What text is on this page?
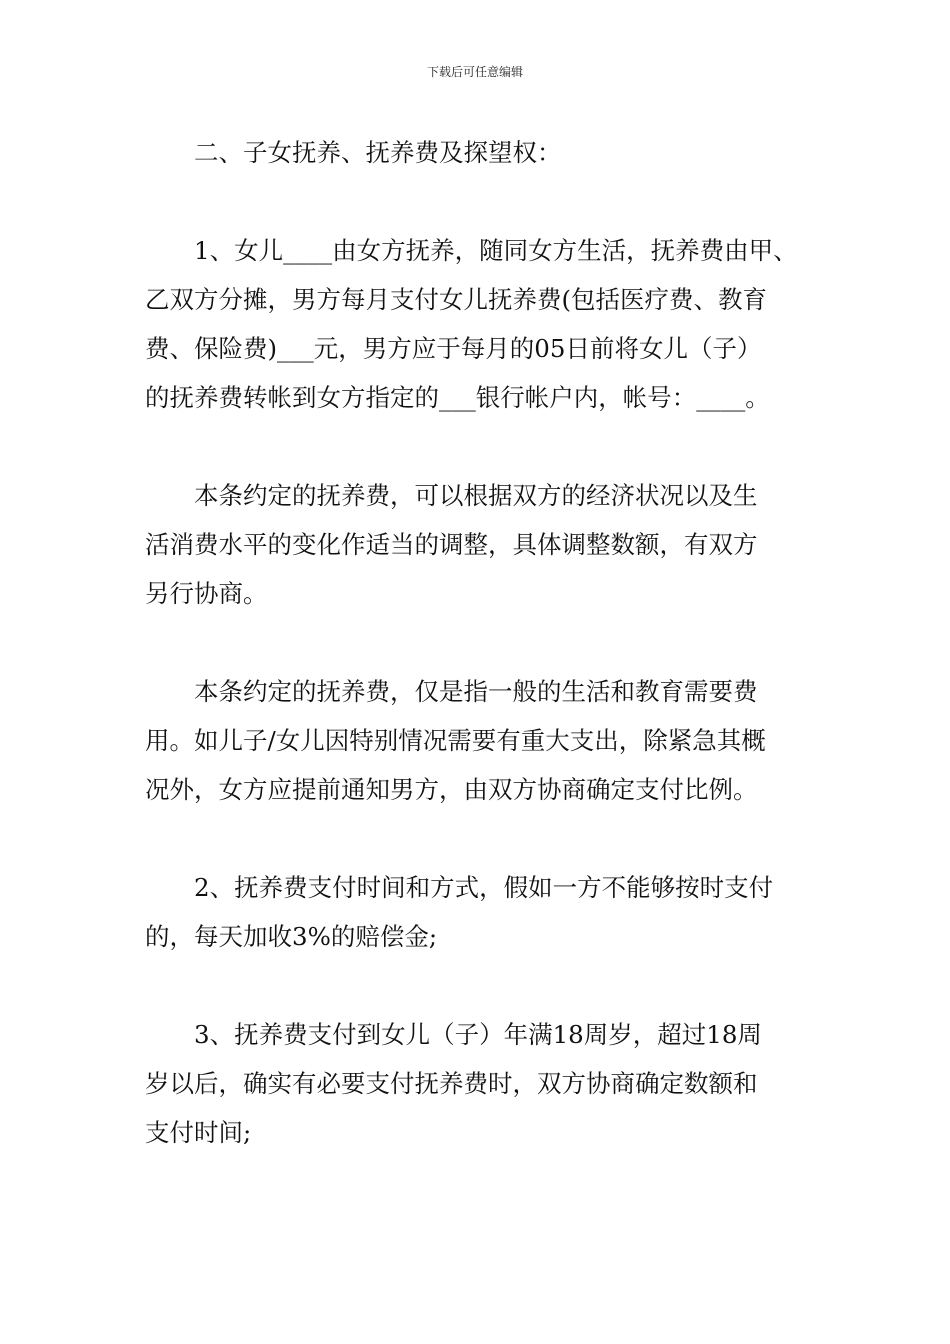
下载后可任意编辑

二、子女抚养、抚养费及探望权：

1、女儿____由女方抚养，随同女方生活，抚养费由甲、
乙双方分摊，男方每月支付女儿抚养费(包括医疗费、教育
费、保险费)___元，男方应于每月的05日前将女儿（子）
的抚养费转帐到女方指定的___银行帐户内，帐号：____。

本条约定的抚养费，可以根据双方的经济状况以及生
活消费水平的变化作适当的调整，具体调整数额，有双方
另行协商。

本条约定的抚养费，仅是指一般的生活和教育需要费
用。如儿子/女儿因特别情况需要有重大支出，除紧急其概
况外，女方应提前通知男方，由双方协商确定支付比例。

2、抚养费支付时间和方式，假如一方不能够按时支付
的，每天加收3%的赔偿金;

3、抚养费支付到女儿（子）年满18周岁，超过18周
岁以后，确实有必要支付抚养费时，双方协商确定数额和
支付时间;
